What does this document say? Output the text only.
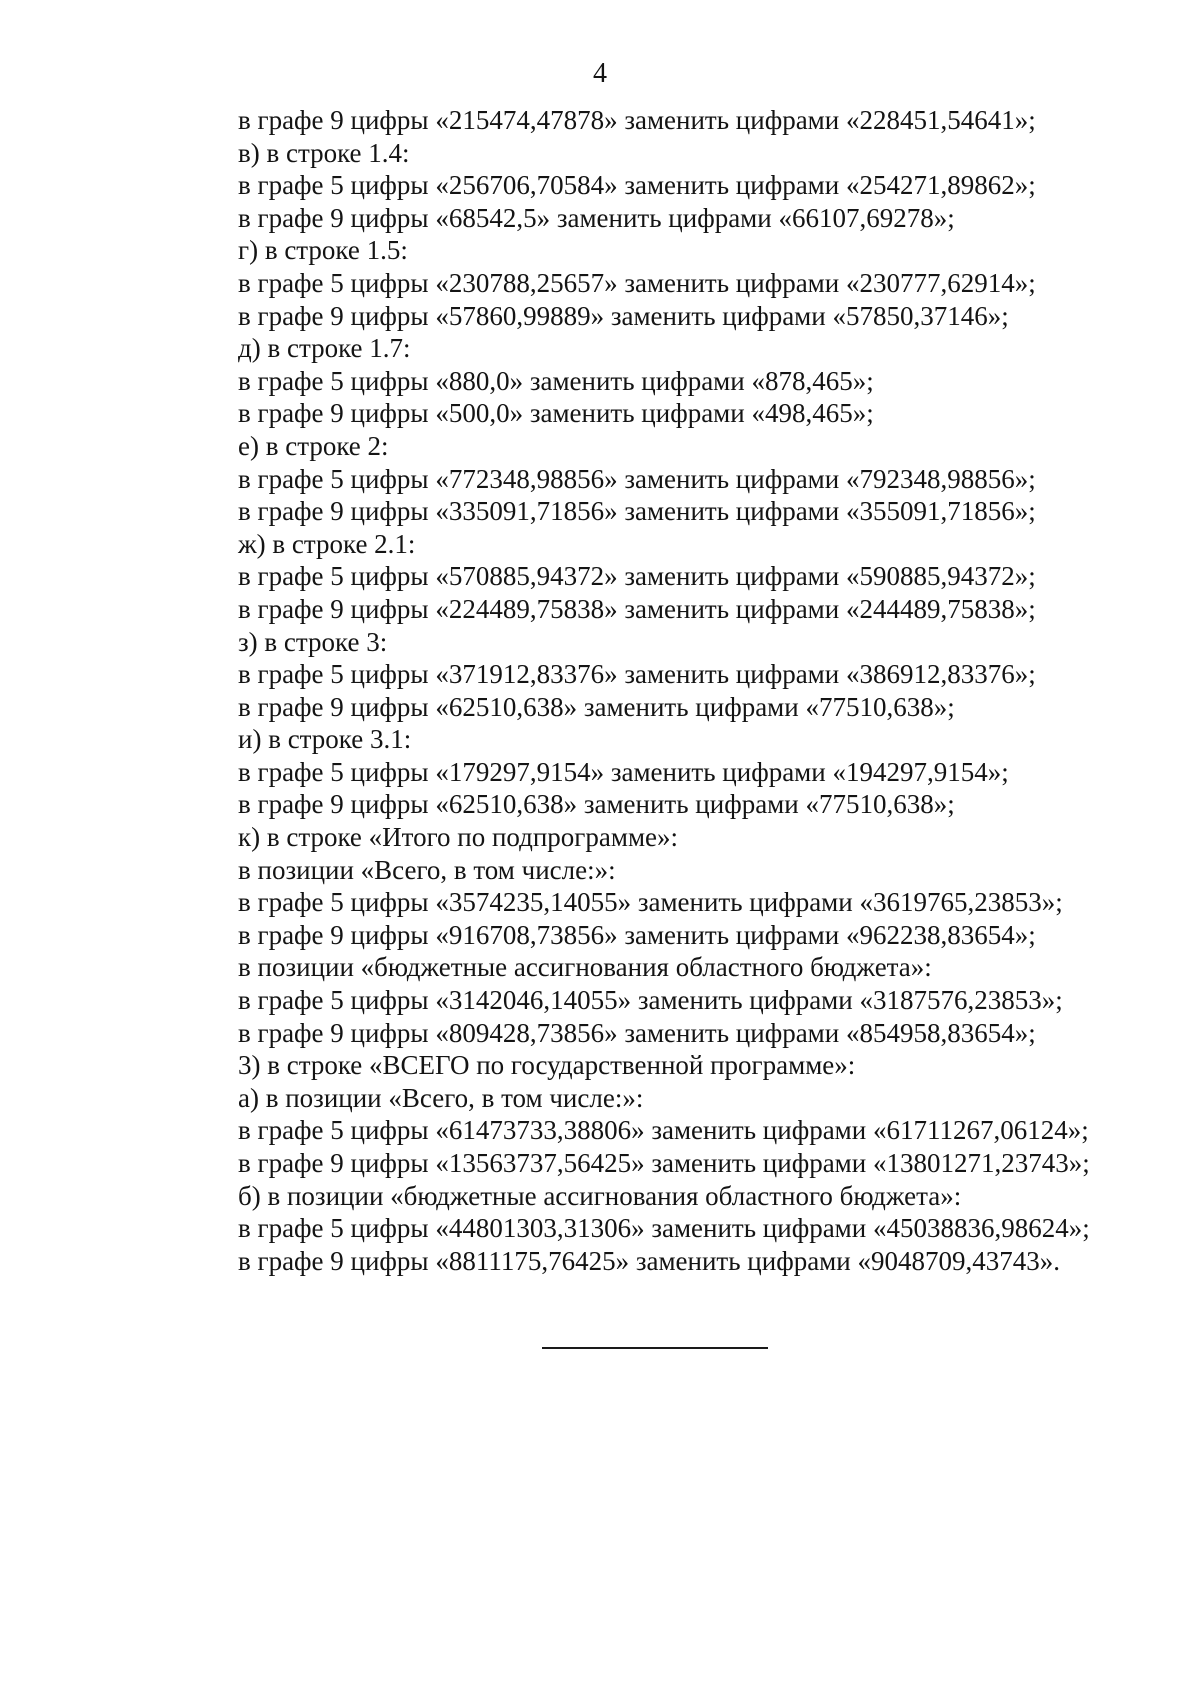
4
в графе 9 цифры «215474,47878» заменить цифрами «228451,54641»;
в) в строке 1.4:
в графе 5 цифры «256706,70584» заменить цифрами «254271,89862»;
в графе 9 цифры «68542,5» заменить цифрами «66107,69278»;
г) в строке 1.5:
в графе 5 цифры «230788,25657» заменить цифрами «230777,62914»;
в графе 9 цифры «57860,99889» заменить цифрами «57850,37146»;
д) в строке 1.7:
в графе 5 цифры «880,0» заменить цифрами «878,465»;
в графе 9 цифры «500,0» заменить цифрами «498,465»;
е) в строке 2:
в графе 5 цифры «772348,98856» заменить цифрами «792348,98856»;
в графе 9 цифры «335091,71856» заменить цифрами «355091,71856»;
ж) в строке 2.1:
в графе 5 цифры «570885,94372» заменить цифрами «590885,94372»;
в графе 9 цифры «224489,75838» заменить цифрами «244489,75838»;
з) в строке 3:
в графе 5 цифры «371912,83376» заменить цифрами «386912,83376»;
в графе 9 цифры «62510,638» заменить цифрами «77510,638»;
и) в строке 3.1:
в графе 5 цифры «179297,9154» заменить цифрами «194297,9154»;
в графе 9 цифры «62510,638» заменить цифрами «77510,638»;
к) в строке «Итого по подпрограмме»:
в позиции «Всего, в том числе:»:
в графе 5 цифры «3574235,14055» заменить цифрами «3619765,23853»;
в графе 9 цифры «916708,73856» заменить цифрами «962238,83654»;
в позиции «бюджетные ассигнования областного бюджета»:
в графе 5 цифры «3142046,14055» заменить цифрами «3187576,23853»;
в графе 9 цифры «809428,73856» заменить цифрами «854958,83654»;
3) в строке «ВСЕГО по государственной программе»:
а) в позиции «Всего, в том числе:»:
в графе 5 цифры «61473733,38806» заменить цифрами «61711267,06124»;
в графе 9 цифры «13563737,56425» заменить цифрами «13801271,23743»;
б) в позиции «бюджетные ассигнования областного бюджета»:
в графе 5 цифры «44801303,31306» заменить цифрами «45038836,98624»;
в графе 9 цифры «8811175,76425» заменить цифрами «9048709,43743».
